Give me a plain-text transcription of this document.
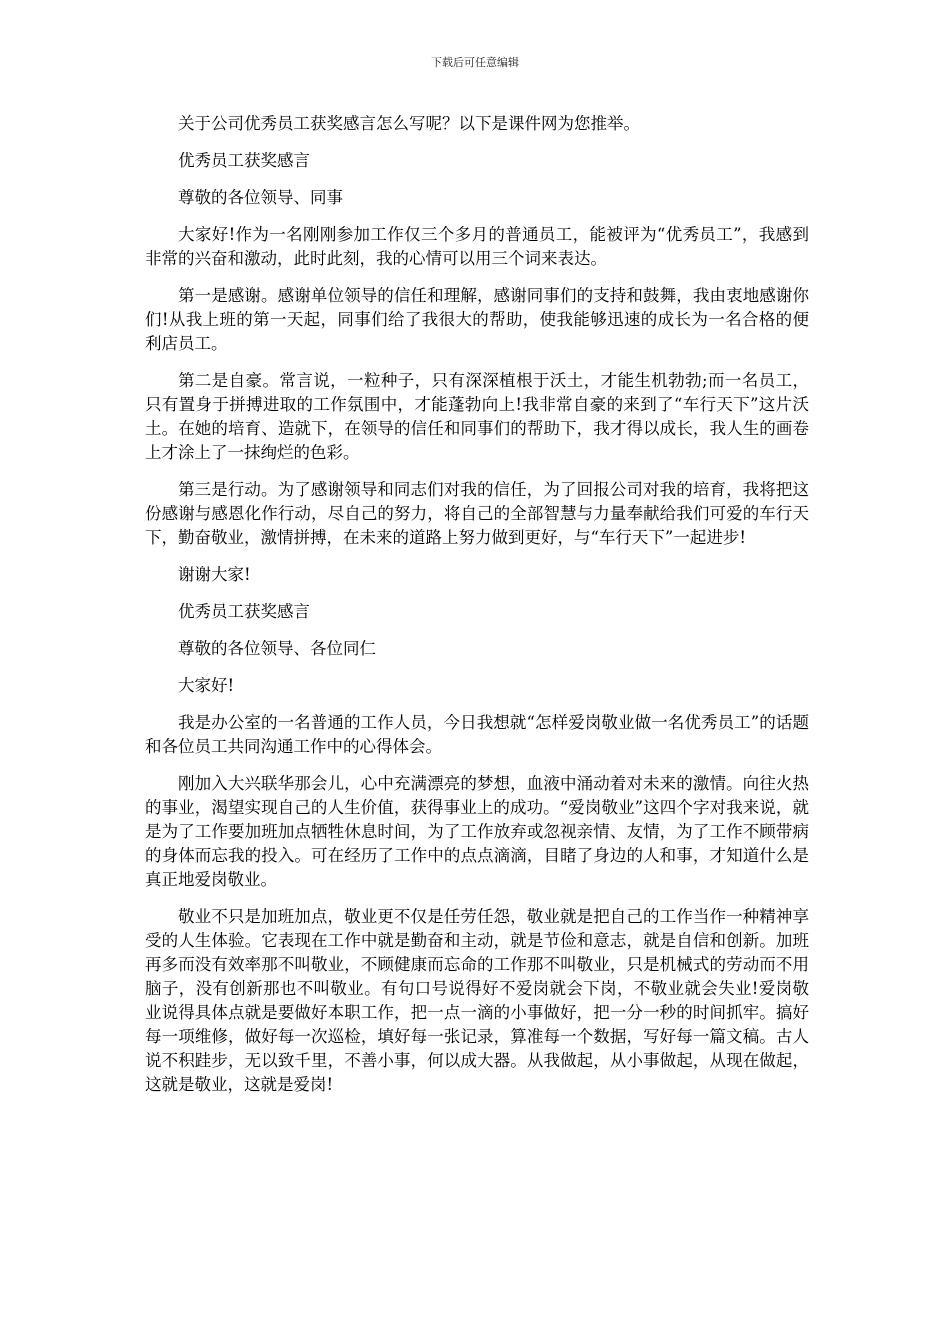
下载后可任意编辑

关于公司优秀员工获奖感言怎么写呢？以下是课件网为您推举。

优秀员工获奖感言

尊敬的各位领导、同事

大家好!作为一名刚刚参加工作仅三个多月的普通员工，能被评为“优秀员工”，我感到非常的兴奋和激动，此时此刻，我的心情可以用三个词来表达。

第一是感谢。感谢单位领导的信任和理解，感谢同事们的支持和鼓舞，我由衷地感谢你们!从我上班的第一天起，同事们给了我很大的帮助，使我能够迅速的成长为一名合格的便利店员工。

第二是自豪。常言说，一粒种子，只有深深植根于沃土，才能生机勃勃;而一名员工，只有置身于拼搏进取的工作氛围中，才能蓬勃向上!我非常自豪的来到了“车行天下”这片沃土。在她的培育、造就下，在领导的信任和同事们的帮助下，我才得以成长，我人生的画卷上才涂上了一抹绚烂的色彩。

第三是行动。为了感谢领导和同志们对我的信任，为了回报公司对我的培育，我将把这份感谢与感恩化作行动，尽自己的努力，将自己的全部智慧与力量奉献给我们可爱的车行天下，勤奋敬业，激情拼搏，在未来的道路上努力做到更好，与“车行天下”一起进步!

谢谢大家!

优秀员工获奖感言

尊敬的各位领导、各位同仁

大家好!

我是办公室的一名普通的工作人员，今日我想就“怎样爱岗敬业做一名优秀员工”的话题和各位员工共同沟通工作中的心得体会。

刚加入大兴联华那会儿，心中充满漂亮的梦想，血液中涌动着对未来的激情。向往火热的事业，渴望实现自己的人生价值，获得事业上的成功。“爱岗敬业”这四个字对我来说，就是为了工作要加班加点牺牲休息时间，为了工作放弃或忽视亲情、友情，为了工作不顾带病的身体而忘我的投入。可在经历了工作中的点点滴滴，目睹了身边的人和事，才知道什么是真正地爱岗敬业。

敬业不只是加班加点，敬业更不仅是任劳任怨，敬业就是把自己的工作当作一种精神享受的人生体验。它表现在工作中就是勤奋和主动，就是节俭和意志，就是自信和创新。加班再多而没有效率那不叫敬业，不顾健康而忘命的工作那不叫敬业，只是机械式的劳动而不用脑子，没有创新那也不叫敬业。有句口号说得好不爱岗就会下岗，不敬业就会失业!爱岗敬业说得具体点就是要做好本职工作，把一点一滴的小事做好，把一分一秒的时间抓牢。搞好每一项维修，做好每一次巡检，填好每一张记录，算准每一个数据，写好每一篇文稿。古人说不积跬步，无以致千里，不善小事，何以成大器。从我做起，从小事做起，从现在做起，这就是敬业，这就是爱岗!
